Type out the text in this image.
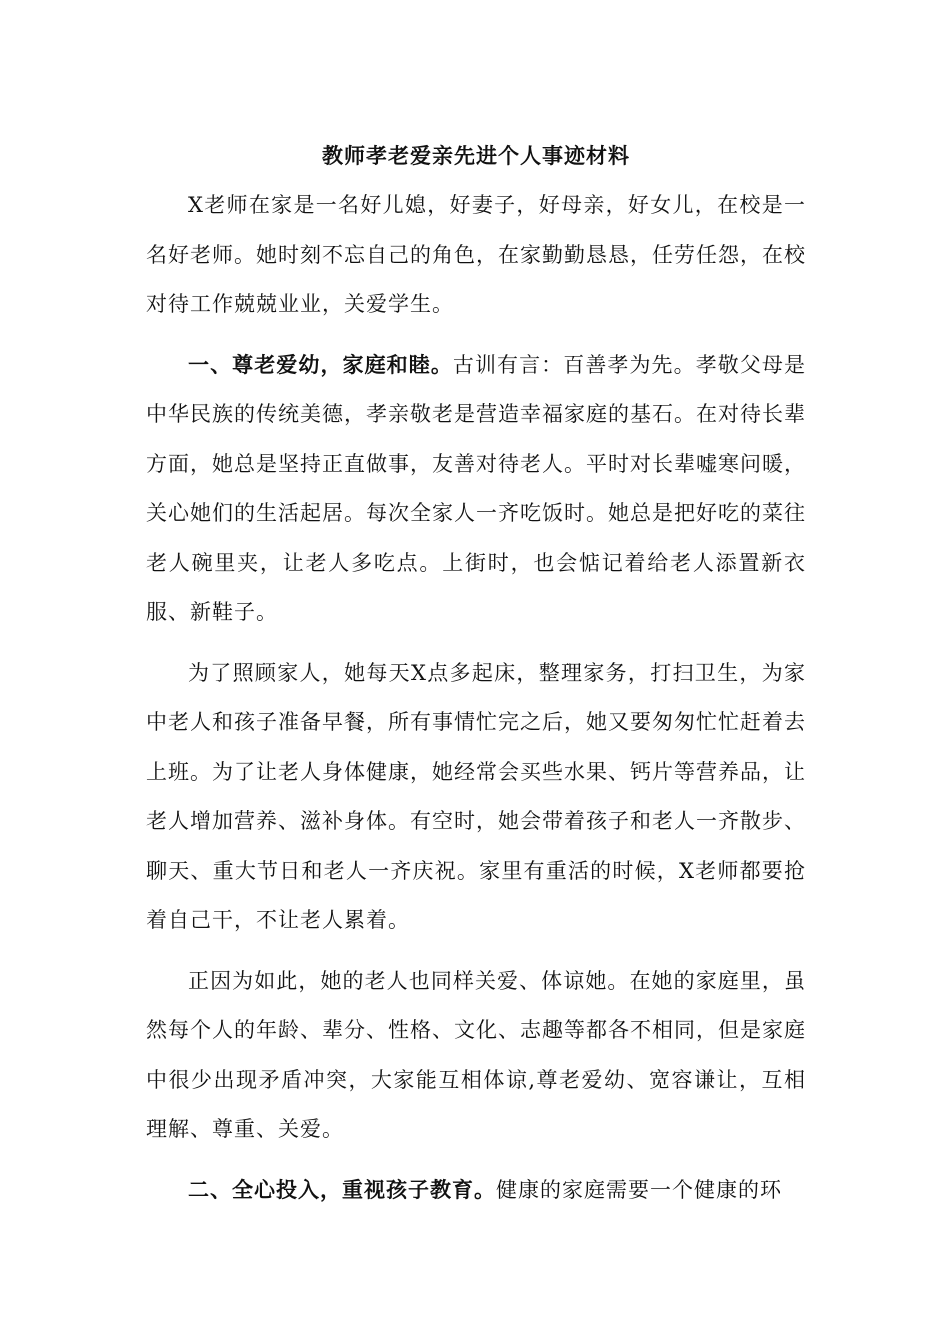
教师孝老爱亲先进个人事迹材料

X老师在家是一名好儿媳，好妻子，好母亲，好女儿，在校是一名好老师。她时刻不忘自己的角色，在家勤勤恳恳，任劳任怨，在校对待工作兢兢业业，关爱学生。

一、尊老爱幼，家庭和睦。古训有言：百善孝为先。孝敬父母是中华民族的传统美德，孝亲敬老是营造幸福家庭的基石。在对待长辈方面，她总是坚持正直做事，友善对待老人。平时对长辈嘘寒问暖，关心她们的生活起居。每次全家人一齐吃饭时。她总是把好吃的菜往老人碗里夹，让老人多吃点。上街时，也会惦记着给老人添置新衣服、新鞋子。

为了照顾家人，她每天X点多起床，整理家务，打扫卫生，为家中老人和孩子准备早餐，所有事情忙完之后，她又要匆匆忙忙赶着去上班。为了让老人身体健康，她经常会买些水果、钙片等营养品，让老人增加营养、滋补身体。有空时，她会带着孩子和老人一齐散步、聊天、重大节日和老人一齐庆祝。家里有重活的时候，X老师都要抢着自己干，不让老人累着。

正因为如此，她的老人也同样关爱、体谅她。在她的家庭里，虽然每个人的年龄、辈分、性格、文化、志趣等都各不相同，但是家庭中很少出现矛盾冲突，大家能互相体谅,尊老爱幼、宽容谦让，互相理解、尊重、关爱。

二、全心投入，重视孩子教育。健康的家庭需要一个健康的环
